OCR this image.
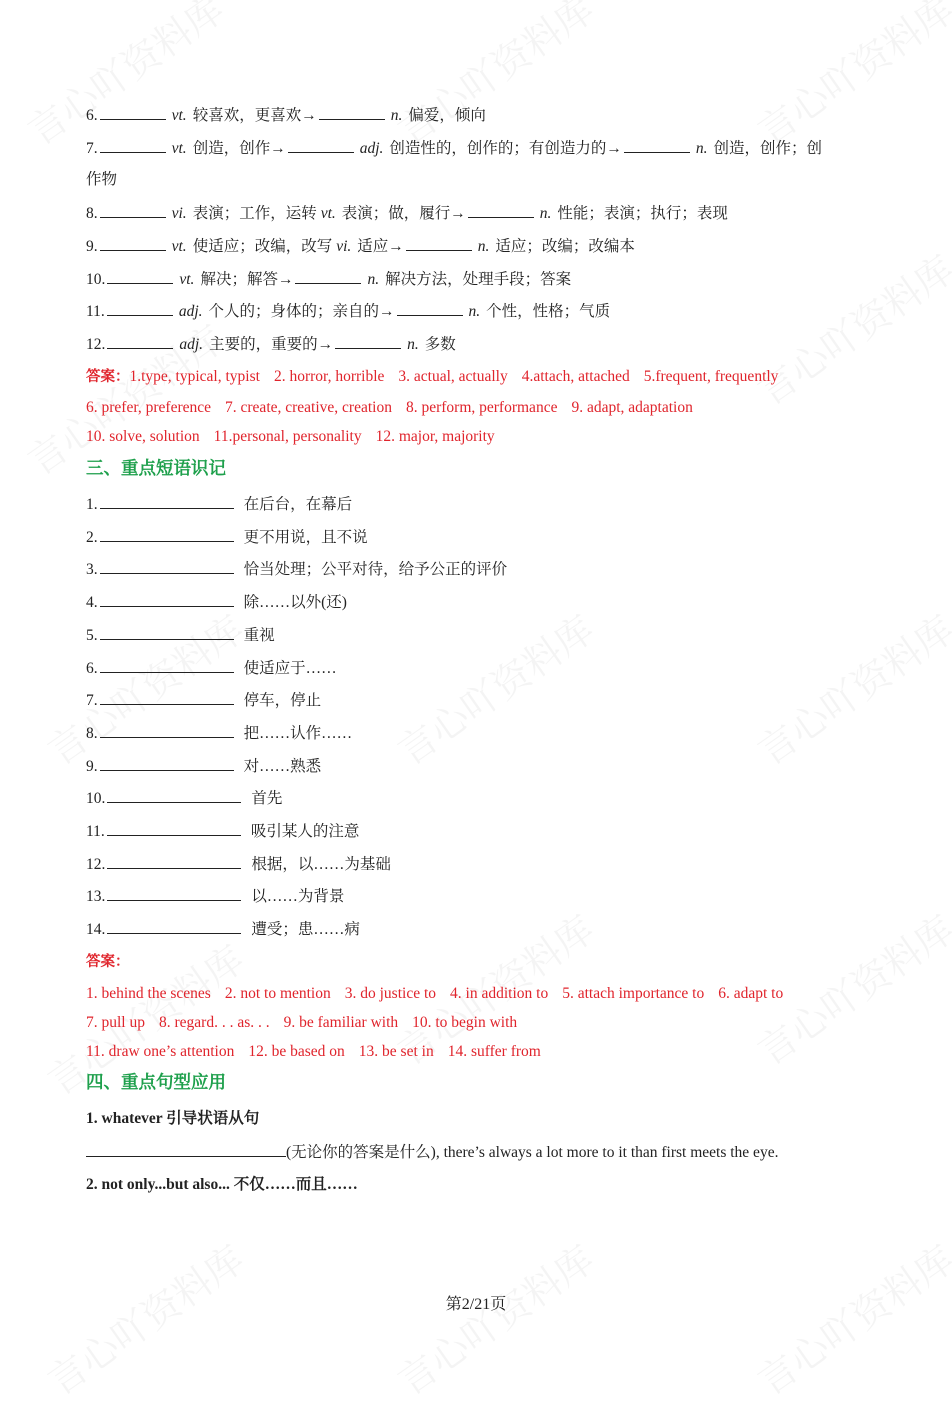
6.	vt. 较喜欢，更喜欢→	n. 偏爱，倾向
7.	vt. 创造，创作→	adj. 创造性的，创作的；有创造力的→	n. 创造，创作；创
作物
8.	vi. 表演；工作，运转 vt. 表演；做，履行→	n. 性能；表演；执行；表现
9.	vt. 使适应；改编，改写 vi. 适应→	n. 适应；改编；改编本
10.	vt. 解决；解答→	n. 解决方法，处理手段；答案
11.	adj. 个人的；身体的；亲自的→	n. 个性，性格；气质
12.	adj. 主要的，重要的→	n. 多数
答案：1.type, typical, typist 2. horror, horrible 3. actual, actually 4.attach, attached 5.frequent, frequently
6. prefer, preference 7. create, creative, creation 8. perform, performance 9. adapt, adaptation
10. solve, solution 11.personal, personality 12. major, majority
三、重点短语识记
1.	在后台，在幕后
2.	更不用说，且不说
3.	恰当处理；公平对待，给予公正的评价
4.	除……以外(还)
5.	重视
6.	使适应于……
7.	停车，停止
8.	把……认作……
9.	对……熟悉
10.	首先
11.	吸引某人的注意
12.	根据，以……为基础
13.	以……为背景
14.	遭受；患……病
答案：
1. behind the scenes 2. not to mention 3. do justice to 4. in addition to 5. attach importance to 6. adapt to
7. pull up 8. regard. . . as. . . 9. be familiar with 10. to begin with
11. draw one’s attention 12. be based on 13. be set in 14. suffer from
四、重点句型应用
1. whatever 引导状语从句
(无论你的答案是什么), there’s always a lot more to it than first meets the eye.
2. not only...but also... 不仅……而且……
第2/21页
